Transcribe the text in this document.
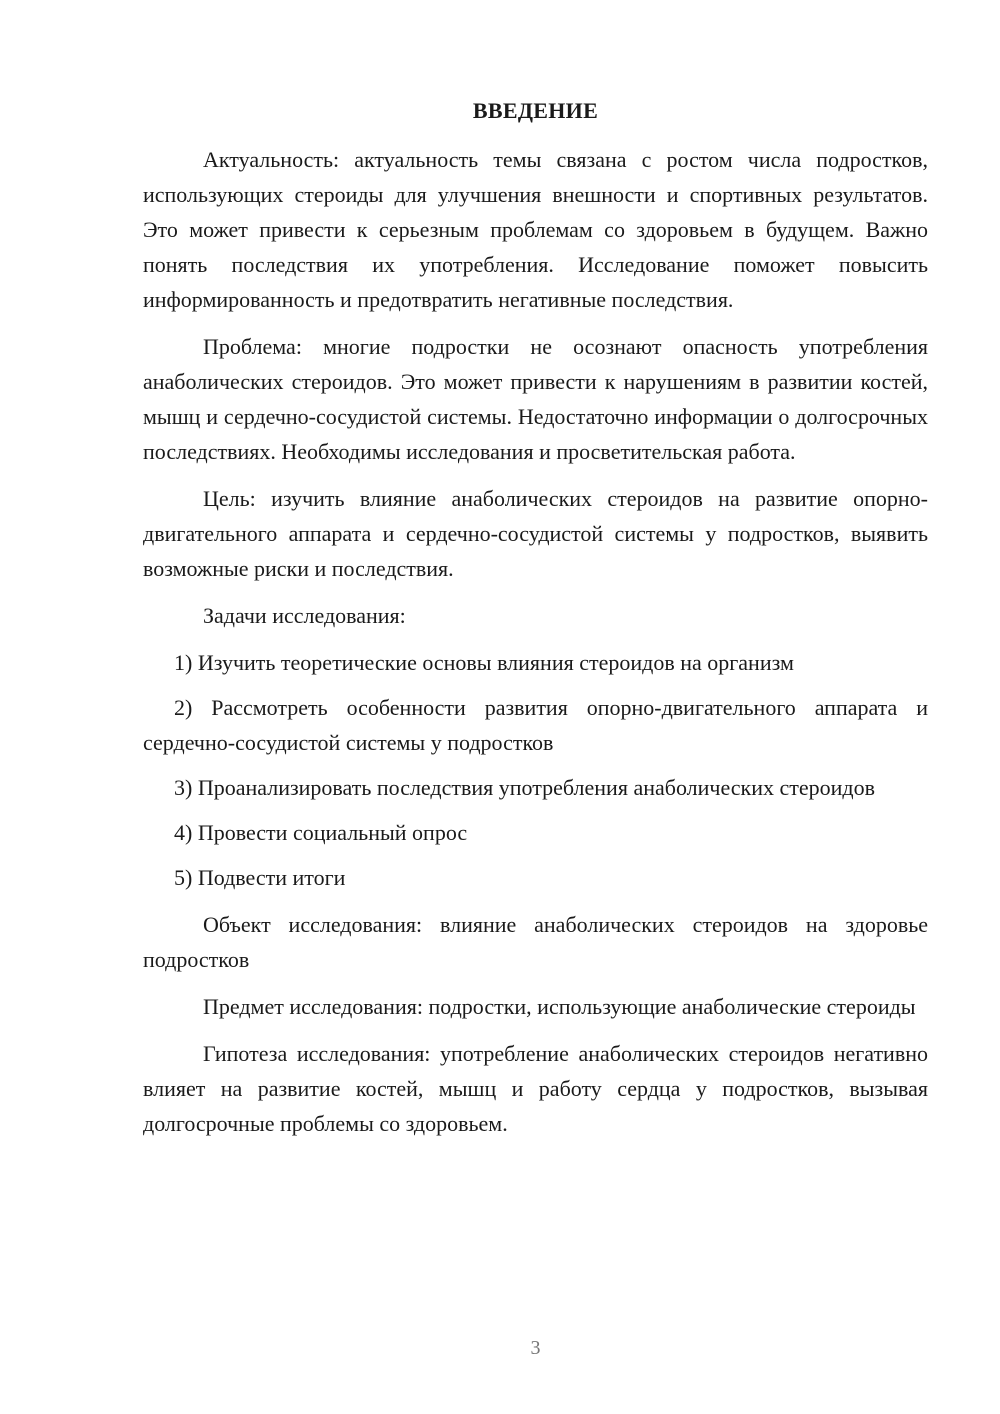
ВВЕДЕНИЕ

Актуальность: актуальность темы связана с ростом числа подростков, использующих стероиды для улучшения внешности и спортивных результатов. Это может привести к серьезным проблемам со здоровьем в будущем. Важно понять последствия их употребления. Исследование поможет повысить информированность и предотвратить негативные последствия.

Проблема: многие подростки не осознают опасность употребления анаболических стероидов. Это может привести к нарушениям в развитии костей, мышц и сердечно-сосудистой системы. Недостаточно информации о долгосрочных последствиях. Необходимы исследования и просветительская работа.

Цель: изучить влияние анаболических стероидов на развитие опорно-двигательного аппарата и сердечно-сосудистой системы у подростков, выявить возможные риски и последствия.

Задачи исследования:

1) Изучить теоретические основы влияния стероидов на организм

2) Рассмотреть особенности развития опорно-двигательного аппарата и сердечно-сосудистой системы у подростков

3) Проанализировать последствия употребления анаболических стероидов

4) Провести социальный опрос

5) Подвести итоги

Объект исследования: влияние анаболических стероидов на здоровье подростков

Предмет исследования: подростки, использующие анаболические стероиды

Гипотеза исследования: употребление анаболических стероидов негативно влияет на развитие костей, мышц и работу сердца у подростков, вызывая долгосрочные проблемы со здоровьем.

3
